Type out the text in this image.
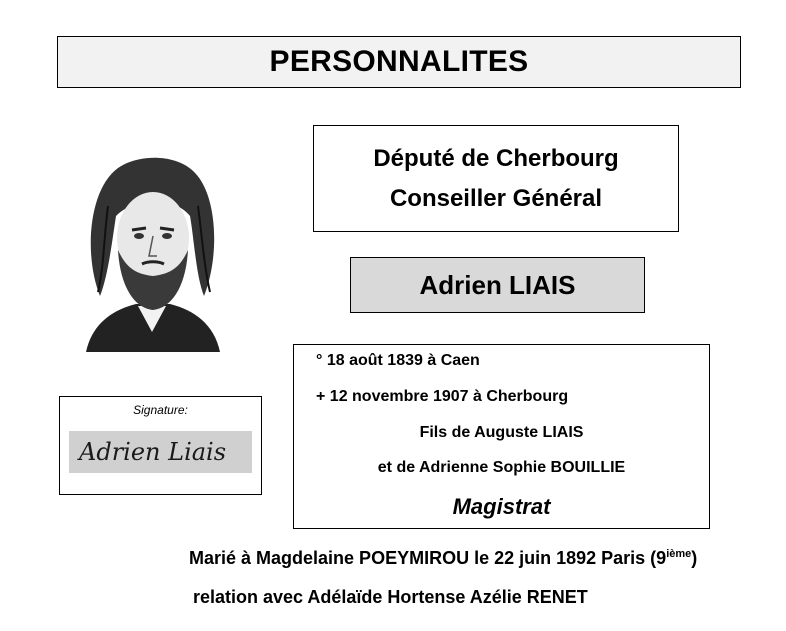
PERSONNALITES
Député de Cherbourg
Conseiller Général
Adrien LIAIS
Signature:
Adrien Liais
° 18 août 1839 à Caen
+ 12 novembre 1907 à Cherbourg
Fils de Auguste LIAIS
et de Adrienne Sophie BOUILLIE
Magistrat
Marié à Magdelaine POEYMIROU le 22 juin 1892 Paris (9ième)
relation avec Adélaïde Hortense Azélie RENET
